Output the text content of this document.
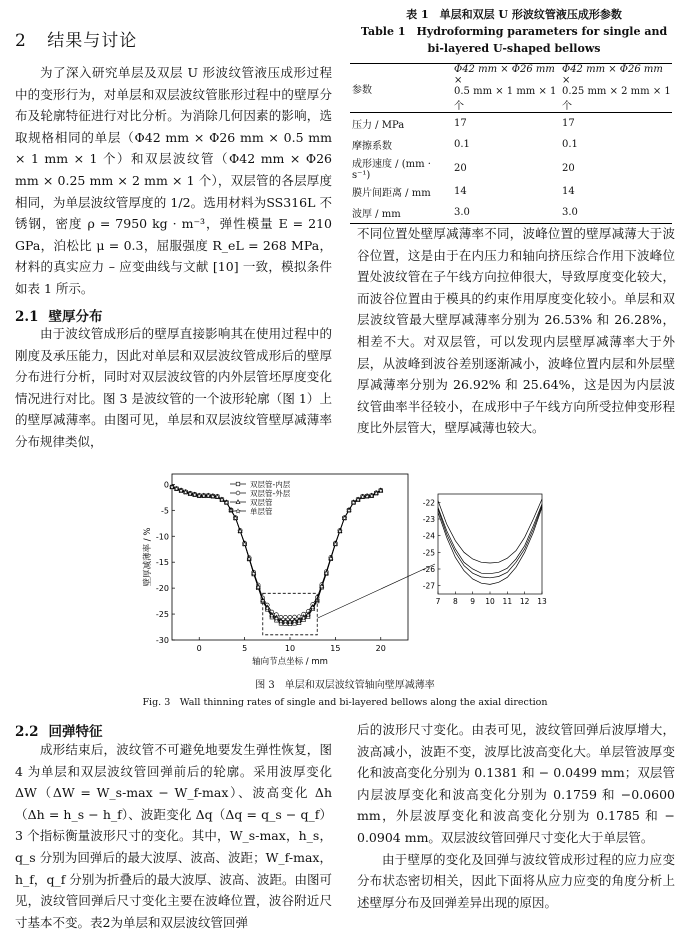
2 结果与讨论

为了深入研究单层及双层 U 形波纹管液压成形过程中的变形行为，对单层和双层波纹管胀形过程中的壁厚分布及轮廓特征进行对比分析。为消除几何因素的影响，选取规格相同的单层（Φ42 mm × Φ26 mm × 0.5 mm × 1 mm × 1 个）和双层波纹管（Φ42 mm × Φ26 mm × 0.25 mm × 2 mm × 1 个），双层管的各层厚度相同，为单层波纹管厚度的 1/2。选用材料为SS316L 不锈钢，密度 ρ = 7950 kg · m⁻³，弹性模量 E = 210 GPa，泊松比 μ = 0.3，屈服强度 R_eL = 268 MPa，材料的真实应力 – 应变曲线与文献 [10] 一致，模拟条件如表 1 所示。

2.1 壁厚分布

由于波纹管成形后的壁厚直接影响其在使用过程中的刚度及承压能力，因此对单层和双层波纹管成形后的壁厚分布进行分析，同时对双层波纹管的内外层管坯厚度变化情况进行对比。图 3 是波纹管的一个波形轮廓（图 1）上的壁厚减薄率。由图可见，单层和双层波纹管壁厚减薄率分布规律类似，

表 1　单层和双层 U 形波纹管液压成形参数
Table 1　Hydroforming parameters for single and
bi-layered U-shaped bellows
参数	Φ42 mm × Φ26 mm ×	Φ42 mm × Φ26 mm ×
	0.5 mm × 1 mm × 1 个	0.25 mm × 2 mm × 1 个
压力 / MPa	17	17
摩擦系数	0.1	0.1
成形速度 / (mm · s⁻¹)	20	20
膜片间距离 / mm	14	14
波厚 / mm	3.0	3.0

不同位置处壁厚减薄率不同，波峰位置的壁厚减薄大于波谷位置，这是由于在内压力和轴向挤压综合作用下波峰位置处波纹管在子午线方向拉伸很大，导致厚度变化较大，而波谷位置由于模具的约束作用厚度变化较小。单层和双层波纹管最大壁厚减薄率分别为 26.53% 和 26.28%，相差不大。对双层管，可以发现内层壁厚减薄率大于外层，从波峰到波谷差别逐渐减小，波峰位置内层和外层壁厚减薄率分别为 26.92% 和 25.64%，这是因为内层波纹管曲率半径较小，在成形中子午线方向所受拉伸变形程度比外层管大，壁厚减薄也较大。

0	5	10	15	20
0
-5
-10
-15
-20
-25
-30
轴向节点坐标 / mm
壁厚减薄率 / %
双层管-内层
双层管-外层
双层管
单层管
7 8 9 10 11 12 13
-22
-23
-24
-25
-26
-27
图 3　单层和双层波纹管轴向壁厚减薄率
Fig. 3　Wall thinning rates of single and bi-layered bellows along the axial direction
2.2 回弹特征

成形结束后，波纹管不可避免地要发生弹性恢复，图 4 为单层和双层波纹管回弹前后的轮廓。采用波厚变化 ΔW（ΔW = W_s-max − W_f-max）、波高变化 Δh（Δh = h_s − h_f）、波距变化 Δq（Δq = q_s − q_f）3 个指标衡量波形尺寸的变化。其中，W_s-max，h_s，q_s 分别为回弹后的最大波厚、波高、波距；W_f-max，h_f，q_f 分别为折叠后的最大波厚、波高、波距。由图可见，波纹管回弹后尺寸变化主要在波峰位置，波谷附近尺寸基本不变。表2为单层和双层波纹管回弹

后的波形尺寸变化。由表可见，波纹管回弹后波厚增大，波高减小，波距不变，波厚比波高变化大。单层管波厚变化和波高变化分别为 0.1381 和 − 0.0499 mm；双层管内层波厚变化和波高变化分别为 0.1759 和 −0.0600 mm，外层波厚变化和波高变化分别为 0.1785 和 − 0.0904 mm。双层波纹管回弹尺寸变化大于单层管。

由于壁厚的变化及回弹与波纹管成形过程的应力应变分布状态密切相关，因此下面将从应力应变的角度分析上述壁厚分布及回弹差异出现的原因。
